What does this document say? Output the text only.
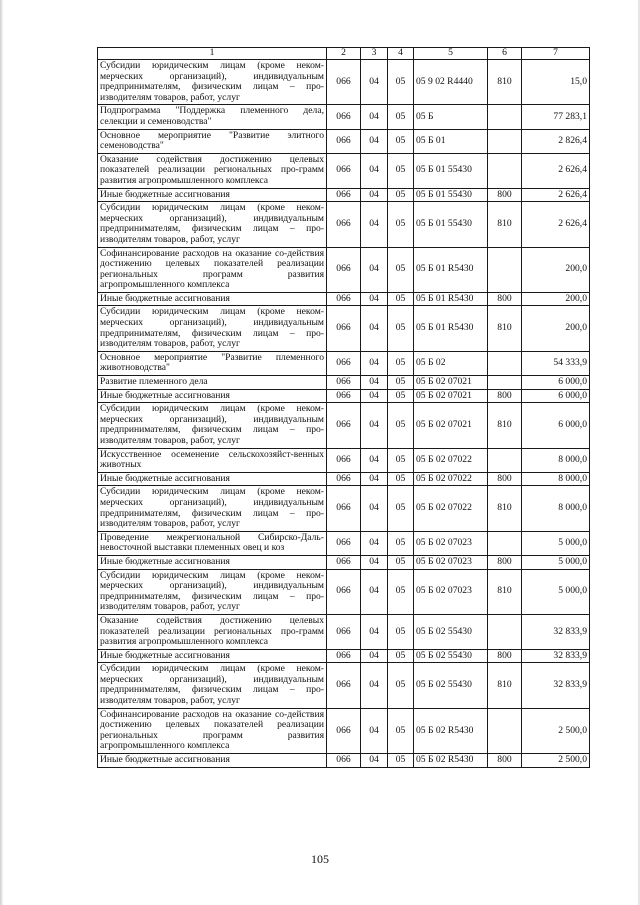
1	2	3	4	5	6	7
Субсидии юридическим лицам (кроме неком-мерческих организаций), индивидуальным предпринимателям, физическим лицам – про-изводителям товаров, работ, услуг	066	04	05	05 9 02 R4440	810	15,0
Подпрограмма "Поддержка племенного дела, селекции и семеноводства"	066	04	05	05 Б		77 283,1
Основное мероприятие "Развитие элитного семеноводства"	066	04	05	05 Б 01		2 826,4
Оказание содействия достижению целевых показателей реализации региональных про-грамм развития агропромышленного комплекса	066	04	05	05 Б 01 55430		2 626,4
Иные бюджетные ассигнования	066	04	05	05 Б 01 55430	800	2 626,4
Субсидии юридическим лицам (кроме неком-мерческих организаций), индивидуальным предпринимателям, физическим лицам – про-изводителям товаров, работ, услуг	066	04	05	05 Б 01 55430	810	2 626,4
Софинансирование расходов на оказание со-действия достижению целевых показателей реализации региональных программ развития агропромышленного комплекса	066	04	05	05 Б 01 R5430		200,0
Иные бюджетные ассигнования	066	04	05	05 Б 01 R5430	800	200,0
Субсидии юридическим лицам (кроме неком-мерческих организаций), индивидуальным предпринимателям, физическим лицам – про-изводителям товаров, работ, услуг	066	04	05	05 Б 01 R5430	810	200,0
Основное мероприятие "Развитие племенного животноводства"	066	04	05	05 Б 02		54 333,9
Развитие племенного дела	066	04	05	05 Б 02 07021		6 000,0
Иные бюджетные ассигнования	066	04	05	05 Б 02 07021	800	6 000,0
Субсидии юридическим лицам (кроме неком-мерческих организаций), индивидуальным предпринимателям, физическим лицам – про-изводителям товаров, работ, услуг	066	04	05	05 Б 02 07021	810	6 000,0
Искусственное осеменение сельскохозяйст-венных животных	066	04	05	05 Б 02 07022		8 000,0
Иные бюджетные ассигнования	066	04	05	05 Б 02 07022	800	8 000,0
Субсидии юридическим лицам (кроме неком-мерческих организаций), индивидуальным предпринимателям, физическим лицам – про-изводителям товаров, работ, услуг	066	04	05	05 Б 02 07022	810	8 000,0
Проведение межрегиональной Сибирско-Даль-невосточной выставки племенных овец и коз	066	04	05	05 Б 02 07023		5 000,0
Иные бюджетные ассигнования	066	04	05	05 Б 02 07023	800	5 000,0
Субсидии юридическим лицам (кроме неком-мерческих организаций), индивидуальным предпринимателям, физическим лицам – про-изводителям товаров, работ, услуг	066	04	05	05 Б 02 07023	810	5 000,0
Оказание содействия достижению целевых показателей реализации региональных про-грамм развития агропромышленного комплекса	066	04	05	05 Б 02 55430		32 833,9
Иные бюджетные ассигнования	066	04	05	05 Б 02 55430	800	32 833,9
Субсидии юридическим лицам (кроме неком-мерческих организаций), индивидуальным предпринимателям, физическим лицам – про-изводителям товаров, работ, услуг	066	04	05	05 Б 02 55430	810	32 833,9
Софинансирование расходов на оказание со-действия достижению целевых показателей реализации региональных программ развития агропромышленного комплекса	066	04	05	05 Б 02 R5430		2 500,0
Иные бюджетные ассигнования	066	04	05	05 Б 02 R5430	800	2 500,0
105
